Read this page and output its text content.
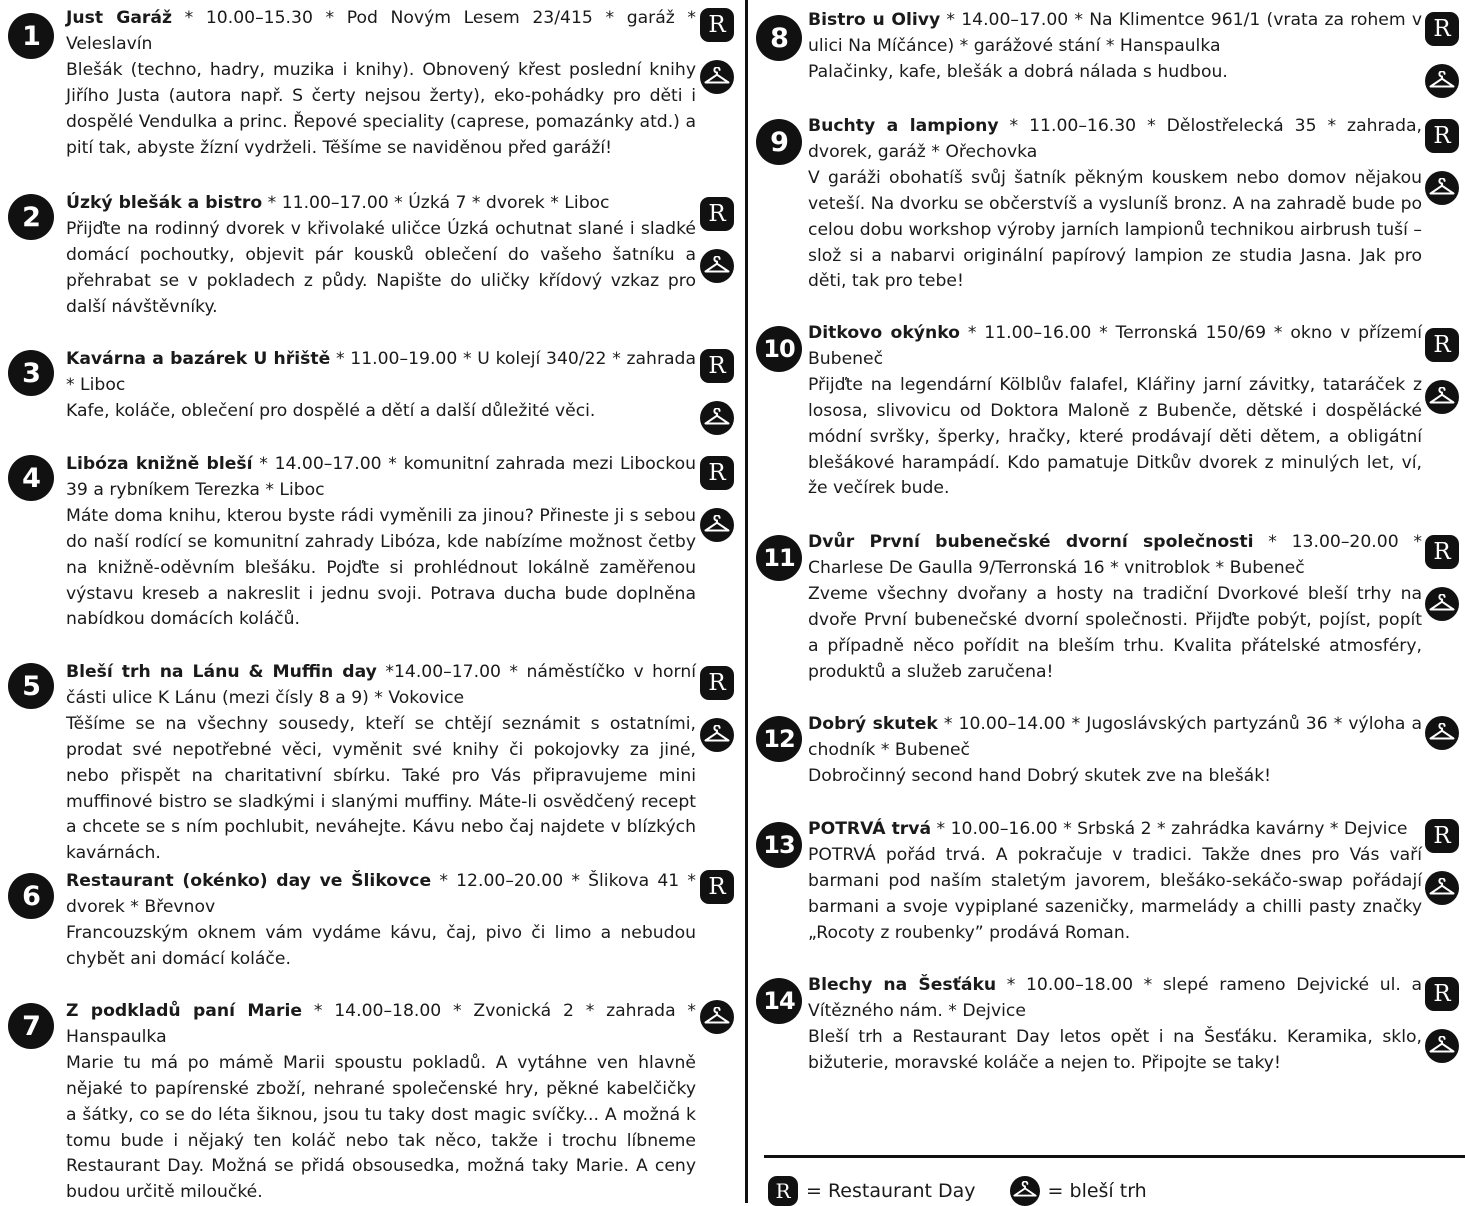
1

Just Garáž * 10.00–15.30 * Pod Novým Lesem 23/415 * garáž * Veleslavín
Blešák (techno, hadry, muzika i knihy). Obnovený křest poslední knihy Jiřího Justa (autora např. S čerty nejsou žerty), eko-pohádky pro děti i dospělé Vendulka a princ. Řepové speciality (caprese, pomazánky atd.) a pití tak, abyste žízní vydrželi. Těšíme se naviděnou před garáží!

R
2	Úzký blešák a bistro * 11.00–17.00 * Úzká 7 * dvorek * Liboc
Přijďte na rodinný dvorek v křivolaké uličce Úzká ochutnat slané i sladké domácí pochoutky, objevit pár kousků oblečení do vašeho šatníku a přehrabat se v pokladech z půdy. Napište do uličky křídový vzkaz pro další návštěvníky.

R
3	Kavárna a bazárek U hřiště * 11.00–19.00 * U kolejí 340/22 * zahrada * Liboc
Kafe, koláče, oblečení pro dospělé a dětí a další důležité věci.

R
4	Libóza knižně bleší * 14.00–17.00 * komunitní zahrada mezi Libockou 39 a rybníkem Terezka * Liboc
Máte doma knihu, kterou byste rádi vyměnili za jinou? Přineste ji s sebou do naší rodící se komunitní zahrady Libóza, kde nabízíme možnost četby na knižně-oděvním blešáku. Pojďte si prohlédnout lokálně zaměřenou výstavu kreseb a nakreslit i jednu svoji. Potrava ducha bude doplněna nabídkou domácích koláčů.

R
5	Bleší trh na Lánu & Muffin day *14.00–17.00 * náměstíčko v horní části ulice K Lánu (mezi čísly 8 a 9) * Vokovice
Těšíme se na všechny sousedy, kteří se chtějí seznámit s ostatními, prodat své nepotřebné věci, vyměnit své knihy či pokojovky za jiné, nebo přispět na charitativní sbírku. Také pro Vás připravujeme mini muffinové bistro se sladkými i slanými muffiny. Máte-li osvědčený recept a chcete se s ním pochlubit, neváhejte. Kávu nebo čaj najdete v blízkých kavárnách.

R
6	Restaurant (okénko) day ve Šlikovce * 12.00–20.00 * Šlikova 41 * dvorek * Břevnov
Francouzským oknem vám vydáme kávu, čaj, pivo či limo a nebudou chybět ani domácí koláče.

R
7	Z podkladů paní Marie * 14.00–18.00 * Zvonická 2 * zahrada * Hanspaulka
Marie tu má po mámě Marii spoustu pokladů. A vytáhne ven hlavně nějaké to papírenské zboží, nehrané společenské hry, pěkné kabelčičky a šátky, co se do léta šiknou, jsou tu taky dost magic svíčky... A možná k tomu bude i nějaký ten koláč nebo tak něco, takže i trochu líbneme Restaurant Day. Možná se přidá obsousedka, možná taky Marie. A ceny budou určitě miloučké.

8

Bistro u Olivy * 14.00–17.00 * Na Klimentce 961/1 (vrata za rohem v ulici Na Míčánce) * garážové stání * Hanspaulka
Palačinky, kafe, blešák a dobrá nálada s hudbou.

R
9

Buchty a lampiony * 11.00–16.30 * Dělostřelecká 35 * zahrada, dvorek, garáž * Ořechovka
V garáži obohatíš svůj šatník pěkným kouskem nebo domov nějakou veteší. Na dvorku se občerstvíš a vysluníš bronz. A na zahradě bude po celou dobu workshop výroby jarních lampionů technikou airbrush tuší – slož si a nabarvi originální papírový lampion ze studia Jasna. Jak pro děti, tak pro tebe!

R
10

Ditkovo okýnko * 11.00–16.00 * Terronská 150/69 * okno v přízemí Bubeneč
Přijďte na legendární Kölblův falafel, Klářiny jarní závitky, tataráček z lososa, slivovicu od Doktora Maloně z Bubenče, dětské i dospělácké módní svršky, šperky, hračky, které prodávají děti dětem, a obligátní blešákové harampádí. Kdo pamatuje Ditkův dvorek z minulých let, ví, že večírek bude.

R
11

Dvůr První bubenečské dvorní společnosti * 13.00–20.00 * Charlese De Gaulla 9/Terronská 16 * vnitroblok * Bubeneč
Zveme všechny dvořany a hosty na tradiční Dvorkové bleší trhy na dvoře První bubenečské dvorní společnosti. Přijďte pobýt, pojíst, popít a případně něco pořídit na bleším trhu. Kvalita přátelské atmosféry, produktů a služeb zaručena!

R
12

Dobrý skutek * 10.00–14.00 * Jugoslávských partyzánů 36 * výloha a chodník * Bubeneč
Dobročinný second hand Dobrý skutek zve na blešák!

13

POTRVÁ trvá * 10.00–16.00 * Srbská 2 * zahrádka kavárny * Dejvice
POTRVÁ pořád trvá. A pokračuje v tradici. Takže dnes pro Vás vaří barmani pod naším staletým javorem, blešáko-sekáčo-swap pořádají barmani a svoje vypiplané sazeničky, marmelády a chilli pasty značky „Rocoty z roubenky” prodává Roman.

R
14

Blechy na Šesťáku * 10.00–18.00 * slepé rameno Dejvické ul. a Vítězného nám. * Dejvice
Bleší trh a Restaurant Day letos opět i na Šesťáku. Keramika, sklo, bižuterie, moravské koláče a nejen to. Připojte se taky!

R
R = Restaurant Day	= bleší trh
